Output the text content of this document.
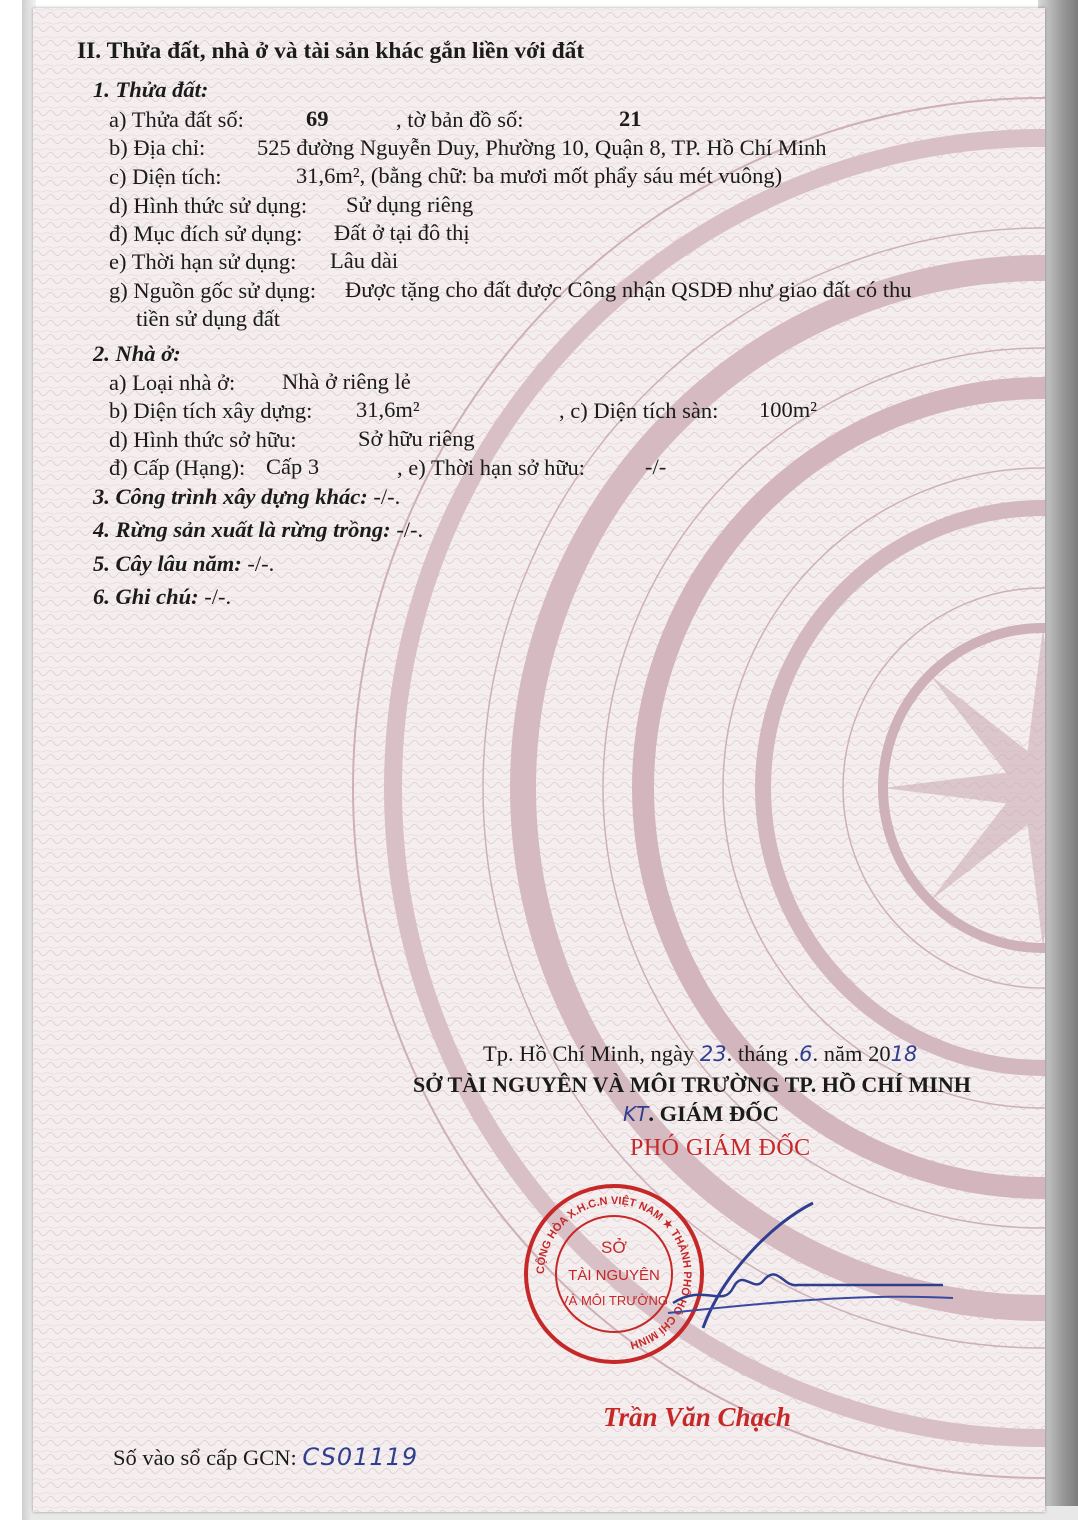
II. Thửa đất, nhà ở và tài sản khác gắn liền với đất
1. Thửa đất:
a) Thửa đất số:	69	, tờ bản đồ số:	21
b) Địa chỉ: 525 đường Nguyễn Duy, Phường 10, Quận 8, TP. Hồ Chí Minh
c) Diện tích:	31,6m², (bằng chữ: ba mươi mốt phẩy sáu mét vuông)
d) Hình thức sử dụng: Sử dụng riêng
đ) Mục đích sử dụng: Đất ở tại đô thị
e) Thời hạn sử dụng: Lâu dài
g) Nguồn gốc sử dụng: Được tặng cho đất được Công nhận QSDĐ như giao đất có thu
tiền sử dụng đất
2. Nhà ở:
a) Loại nhà ở: Nhà ở riêng lẻ
b) Diện tích xây dựng: 31,6m²	, c) Diện tích sàn: 100m²
d) Hình thức sở hữu:	Sở hữu riêng
đ) Cấp (Hạng): Cấp 3	, e) Thời hạn sở hữu:	-/-
3. Công trình xây dựng khác: -/-.
4. Rừng sản xuất là rừng trồng: -/-.
5. Cây lâu năm: -/-.
6. Ghi chú: -/-.
Tp. Hồ Chí Minh, ngày 23. tháng .6. năm 2018
SỞ TÀI NGUYÊN VÀ MÔI TRƯỜNG TP. HỒ CHÍ MINH
KT. GIÁM ĐỐC
PHÓ GIÁM ĐỐC
CỘNG HÒA X.H.C.N VIỆT NAM ★ THÀNH PHỐ HỒ CHÍ MINH
SỞ
TÀI NGUYÊN
VÀ MÔI TRƯỜNG
Trần Văn Chạch
Số vào sổ cấp GCN: CS01119
